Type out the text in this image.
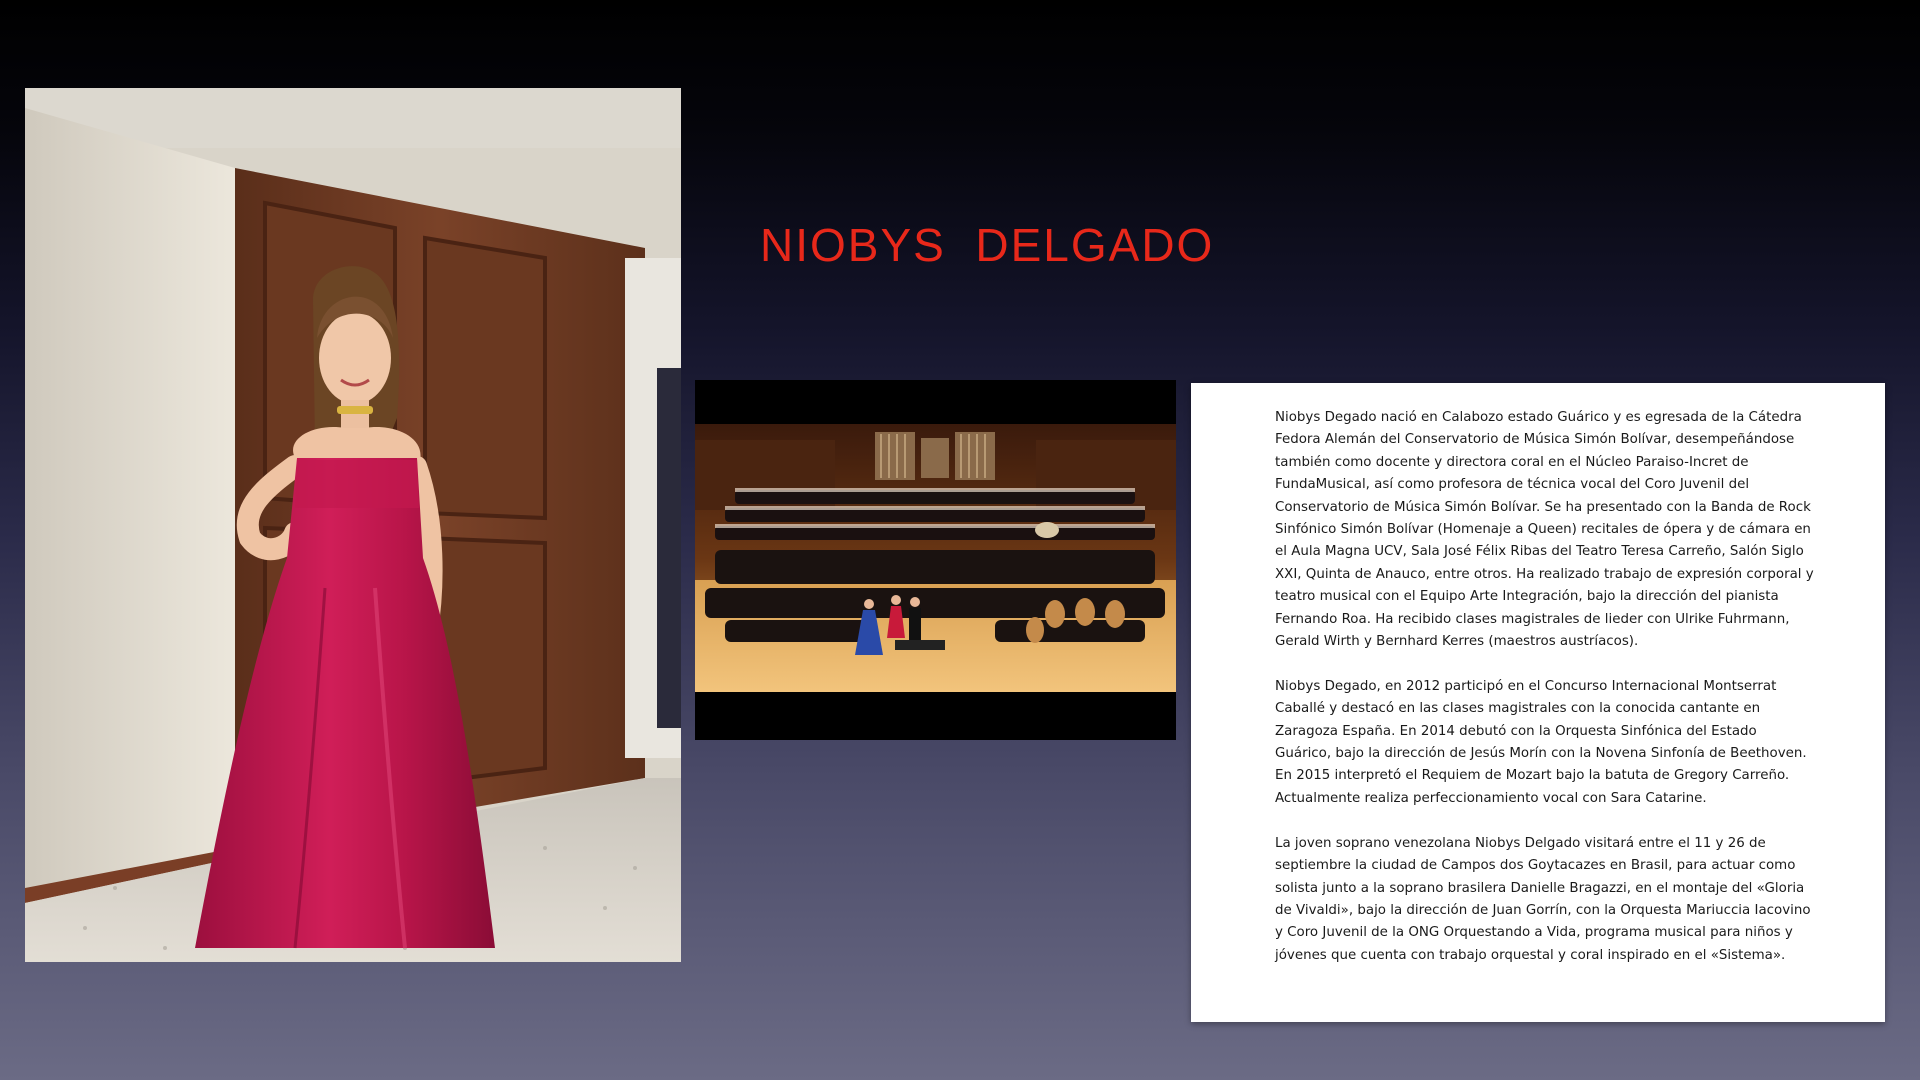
NIOBYS  DELGADO

Niobys Degado nació en Calabozo estado Guárico y es egresada de la Cátedra Fedora Alemán del Conservatorio de Música Simón Bolívar, desempeñándose también como docente y directora coral en el Núcleo Paraiso-Incret de FundaMusical, así como profesora de técnica vocal del Coro Juvenil del Conservatorio de Música Simón Bolívar. Se ha presentado con la Banda de Rock Sinfónico Simón Bolívar (Homenaje a Queen) recitales de ópera y de cámara en el Aula Magna UCV, Sala José Félix Ribas del Teatro Teresa Carreño, Salón Siglo XXI, Quinta de Anauco, entre otros. Ha realizado trabajo de expresión corporal y teatro musical con el Equipo Arte Integración, bajo la dirección del pianista Fernando Roa. Ha recibido clases magistrales de lieder con Ulrike Fuhrmann, Gerald Wirth y Bernhard Kerres (maestros austríacos).

Niobys Degado, en 2012 participó en el Concurso Internacional Montserrat Caballé y destacó en las clases magistrales con la conocida cantante en Zaragoza España. En 2014 debutó con la Orquesta Sinfónica del Estado Guárico, bajo la dirección de Jesús Morín con la Novena Sinfonía de Beethoven. En 2015 interpretó el Requiem de Mozart bajo la batuta de Gregory Carreño. Actualmente realiza perfeccionamiento vocal con Sara Catarine.

La joven soprano venezolana Niobys Delgado visitará entre el 11 y 26 de septiembre la ciudad de Campos dos Goytacazes en Brasil, para actuar como solista junto a la soprano brasilera Danielle Bragazzi, en el montaje del «Gloria de Vivaldi», bajo la dirección de Juan Gorrín, con la Orquesta Mariuccia Iacovino y Coro Juvenil de la ONG Orquestando a Vida, programa musical para niños y jóvenes que cuenta con trabajo orquestal y coral inspirado en el «Sistema».
